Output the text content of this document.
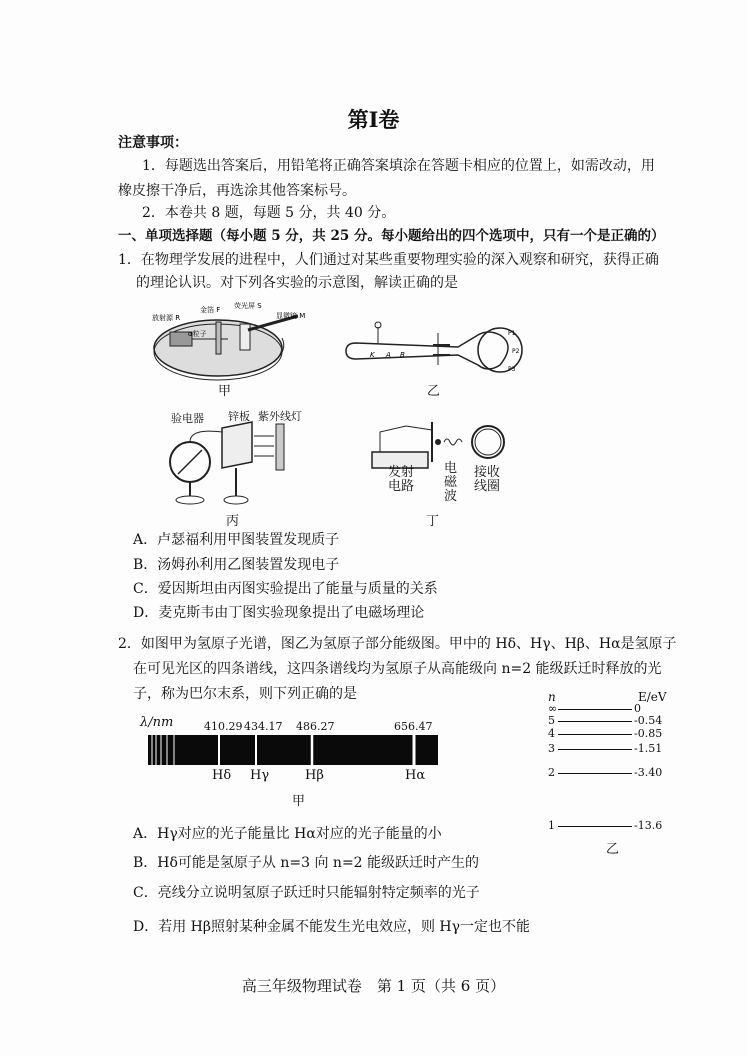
第Ⅰ卷
注意事项：
1．每题选出答案后，用铅笔将正确答案填涂在答题卡相应的位置上，如需改动，用
橡皮擦干净后，再选涂其他答案标号。
2．本卷共 8 题，每题 5 分，共 40 分。
一、单项选择题（每小题 5 分，共 25 分。每小题给出的四个选项中，只有一个是正确的）
1．在物理学发展的进程中，人们通过对某些重要物理实验的深入观察和研究，获得正确
的理论认识。对下列各实验的示意图，解读正确的是
放射源 R
金箔 F 荧光屏 S
显微镜 M
α粒子
甲
K A B
P1
P2
P3
乙
验电器 锌板 紫外线灯
丙
发射电路
电磁波
接收线圈
丁
A．卢瑟福利用甲图装置发现质子
B．汤姆孙利用乙图装置发现电子
C．爱因斯坦由丙图实验提出了能量与质量的关系
D．麦克斯韦由丁图实验现象提出了电磁场理论
2．如图甲为氢原子光谱，图乙为氢原子部分能级图。甲中的 Hδ、Hγ、Hβ、Hα是氢原子
在可见光区的四条谱线，这四条谱线均为氢原子从高能级向 n=2 能级跃迁时释放的光
子，称为巴尔末系，则下列正确的是
λ/nm	410.29 434.17 486.27	656.47
Hδ Hγ	Hβ	Hα
甲
n	E/eV
∞	0
5	-0.54
4	-0.85
3	-1.51
2	-3.40
1	-13.6
乙
A．Hγ对应的光子能量比 Hα对应的光子能量的小
B．Hδ可能是氢原子从 n=3 向 n=2 能级跃迁时产生的
C．亮线分立说明氢原子跃迁时只能辐射特定频率的光子
D．若用 Hβ照射某种金属不能发生光电效应，则 Hγ一定也不能
高三年级物理试卷　第 1 页（共 6 页）
